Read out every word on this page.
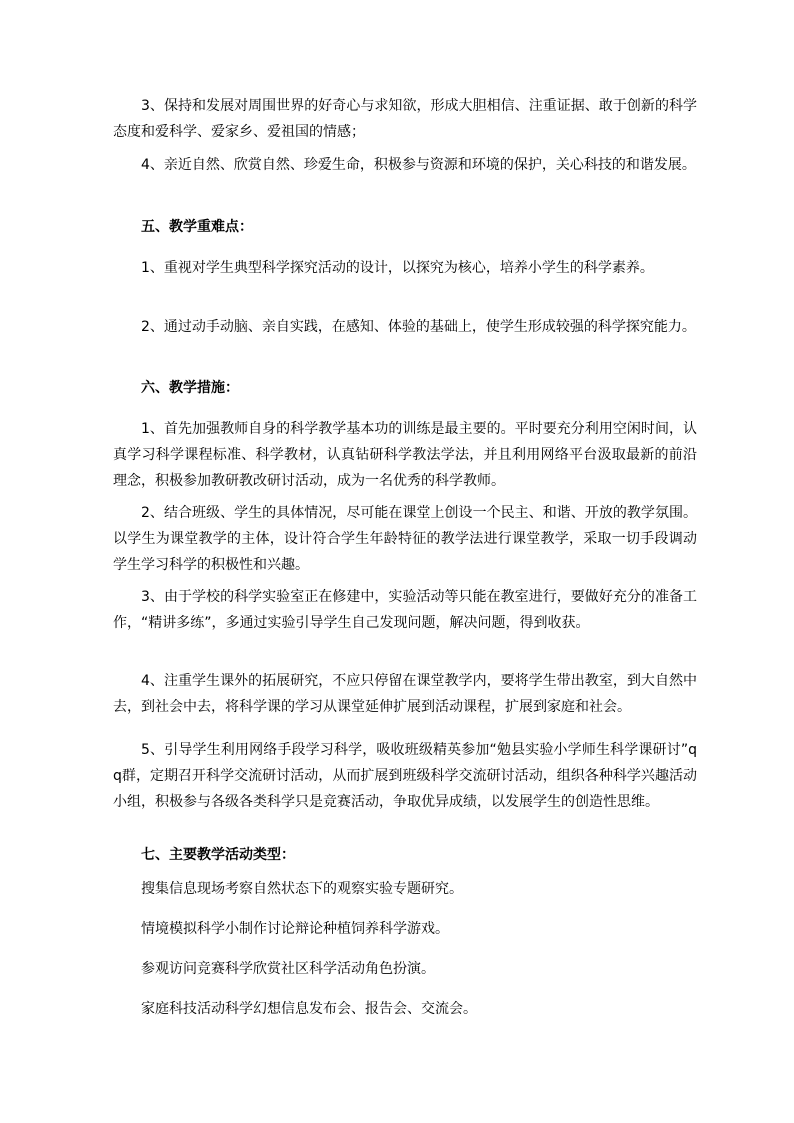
3、保持和发展对周围世界的好奇心与求知欲，形成大胆相信、注重证据、敢于创新的科学态度和爱科学、爱家乡、爱祖国的情感；

4、亲近自然、欣赏自然、珍爱生命，积极参与资源和环境的保护，关心科技的和谐发展。

五、教学重难点：

1、重视对学生典型科学探究活动的设计，以探究为核心，培养小学生的科学素养。

2、通过动手动脑、亲自实践，在感知、体验的基础上，使学生形成较强的科学探究能力。

六、教学措施：

1、首先加强教师自身的科学教学基本功的训练是最主要的。平时要充分利用空闲时间，认真学习科学课程标准、科学教材，认真钻研科学教法学法，并且利用网络平台汲取最新的前沿理念，积极参加教研教改研讨活动，成为一名优秀的科学教师。

2、结合班级、学生的具体情况，尽可能在课堂上创设一个民主、和谐、开放的教学氛围。以学生为课堂教学的主体，设计符合学生年龄特征的教学法进行课堂教学，采取一切手段调动学生学习科学的积极性和兴趣。

3、由于学校的科学实验室正在修建中，实验活动等只能在教室进行，要做好充分的准备工作，“精讲多练”，多通过实验引导学生自己发现问题，解决问题，得到收获。

4、注重学生课外的拓展研究，不应只停留在课堂教学内，要将学生带出教室，到大自然中去，到社会中去，将科学课的学习从课堂延伸扩展到活动课程，扩展到家庭和社会。

5、引导学生利用网络手段学习科学，吸收班级精英参加“勉县实验小学师生科学课研讨”qq群，定期召开科学交流研讨活动，从而扩展到班级科学交流研讨活动，组织各种科学兴趣活动小组，积极参与各级各类科学只是竞赛活动，争取优异成绩，以发展学生的创造性思维。

七、主要教学活动类型：

搜集信息现场考察自然状态下的观察实验专题研究。

情境模拟科学小制作讨论辩论种植饲养科学游戏。

参观访问竞赛科学欣赏社区科学活动角色扮演。

家庭科技活动科学幻想信息发布会、报告会、交流会。
